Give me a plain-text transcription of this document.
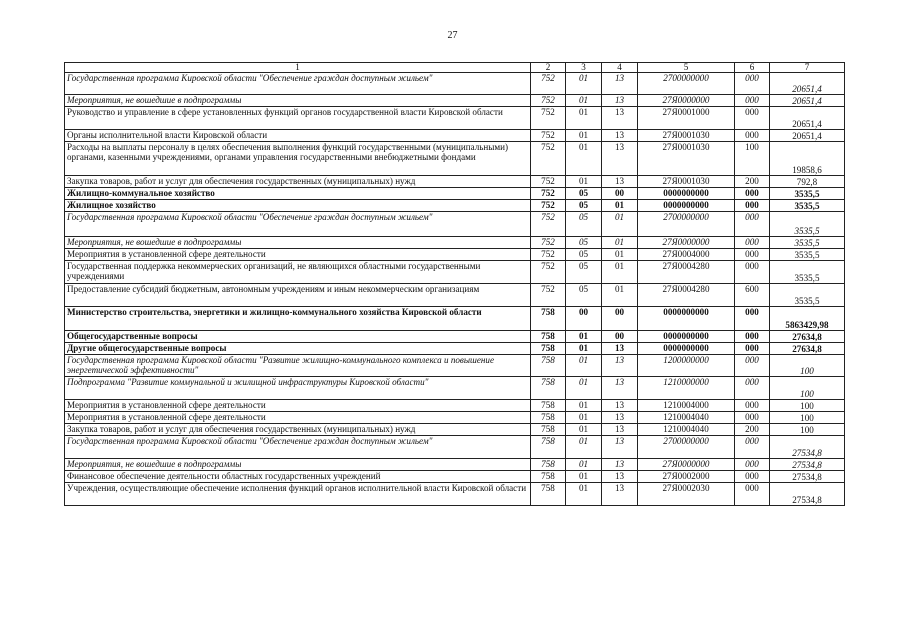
27
1	2	3	4	5	6	7
Государственная программа Кировской области "Обеспечение граждан доступным жильем"	752	01	13	2700000000	000	20651,4
Мероприятия, не вошедшие в подпрограммы	752	01	13	27Я0000000	000	20651,4
Руководство и управление в сфере установленных функций органов государственной власти Кировской области	752	01	13	27Я0001000	000	20651,4
Органы исполнительной власти Кировской области	752	01	13	27Я0001030	000	20651,4
Расходы на выплаты персоналу в целях обеспечения выполнения функций государственными (муниципальными) органами, казенными учреждениями, органами управления государственными внебюджетными фондами	752	01	13	27Я0001030	100	19858,6
Закупка товаров, работ и услуг для обеспечения государственных (муниципальных) нужд	752	01	13	27Я0001030	200	792,8
Жилищно-коммунальное хозяйство	752	05	00	0000000000	000	3535,5
Жилищное хозяйство	752	05	01	0000000000	000	3535,5
Государственная программа Кировской области "Обеспечение граждан доступным жильем"	752	05	01	2700000000	000	3535,5
Мероприятия, не вошедшие в подпрограммы	752	05	01	27Я0000000	000	3535,5
Мероприятия в установленной сфере деятельности	752	05	01	27Я0004000	000	3535,5
Государственная поддержка некоммерческих организаций, не являющихся областными государственными учреждениями	752	05	01	27Я0004280	000	3535,5
Предоставление субсидий бюджетным, автономным учреждениям и иным некоммерческим организациям	752	05	01	27Я0004280	600	3535,5
Министерство строительства, энергетики и жилищно-коммунального хозяйства Кировской области	758	00	00	0000000000	000	5863429,98
Общегосударственные вопросы	758	01	00	0000000000	000	27634,8
Другие общегосударственные вопросы	758	01	13	0000000000	000	27634,8
Государственная программа Кировской области "Развитие жилищно-коммунального комплекса и повышение энергетической эффективности"	758	01	13	1200000000	000	100
Подпрограмма "Развитие коммунальной и жилищной инфраструктуры Кировской области"	758	01	13	1210000000	000	100
Мероприятия в установленной сфере деятельности	758	01	13	1210004000	000	100
Мероприятия в установленной сфере деятельности	758	01	13	1210004040	000	100
Закупка товаров, работ и услуг для обеспечения государственных (муниципальных) нужд	758	01	13	1210004040	200	100
Государственная программа Кировской области "Обеспечение граждан доступным жильем"	758	01	13	2700000000	000	27534,8
Мероприятия, не вошедшие в подпрограммы	758	01	13	27Я0000000	000	27534,8
Финансовое обеспечение деятельности областных государственных учреждений	758	01	13	27Я0002000	000	27534,8
Учреждения, осуществляющие обеспечение исполнения функций органов исполнительной власти Кировской области	758	01	13	27Я0002030	000	27534,8
